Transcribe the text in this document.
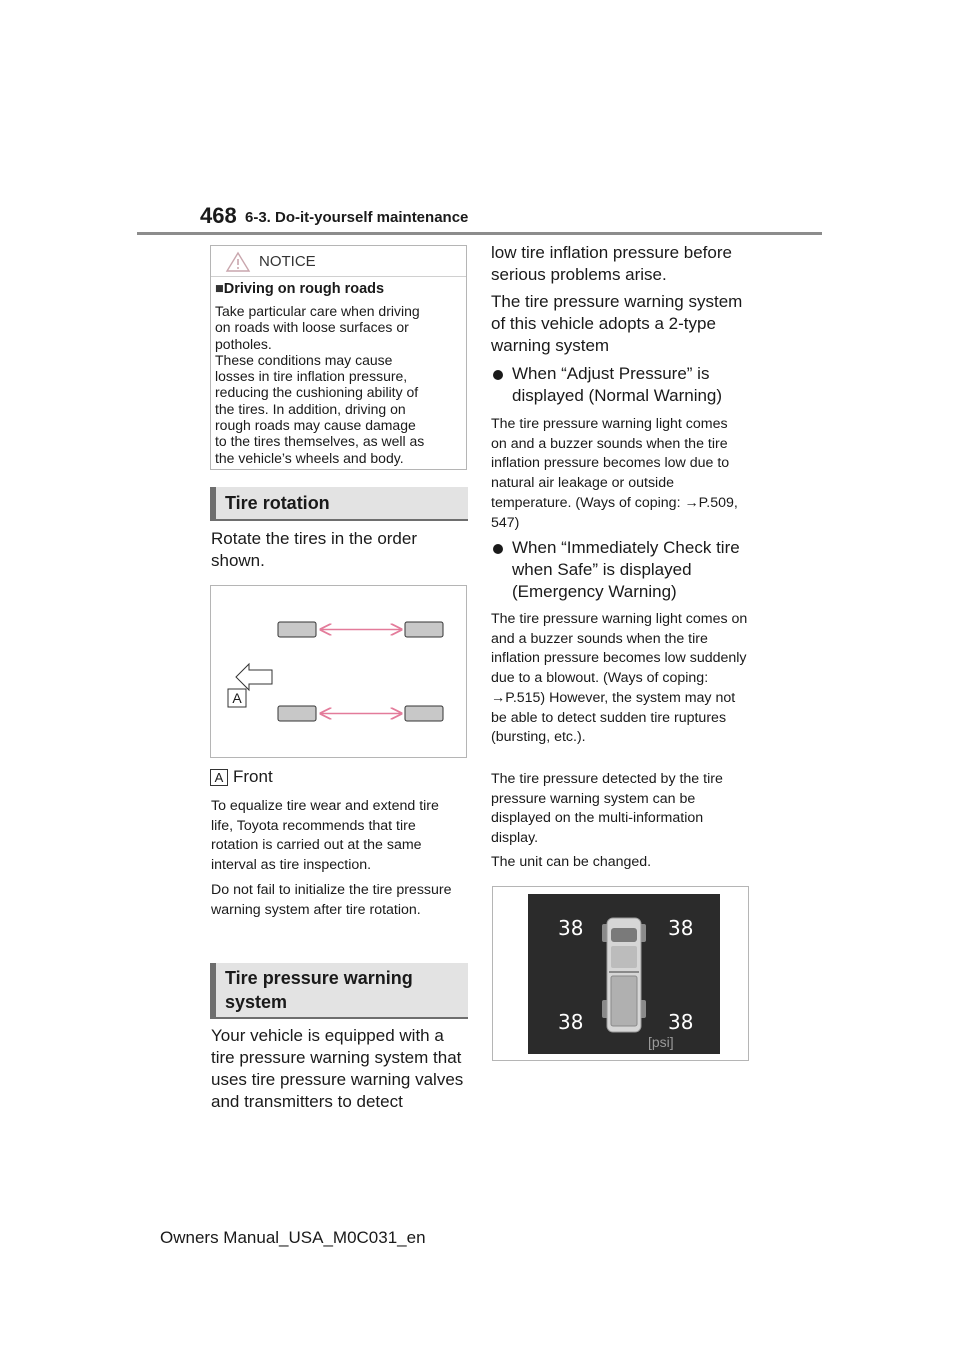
468 6-3. Do-it-yourself maintenance
NOTICE
■Driving on rough roads
Take particular care when driving
on roads with loose surfaces or
potholes.
These conditions may cause
losses in tire inflation pressure,
reducing the cushioning ability of
the tires. In addition, driving on
rough roads may cause damage
to the tires themselves, as well as
the vehicle’s wheels and body.
Tire rotation
Rotate the tires in the order shown.
A
A Front
To equalize tire wear and extend tire life, Toyota recommends that tire rotation is carried out at the same interval as tire inspection.
Do not fail to initialize the tire pressure warning system after tire rotation.
Tire pressure warning
system
Your vehicle is equipped with a tire pressure warning system that uses tire pressure warning valves and transmitters to detect
low tire inflation pressure before serious problems arise.
The tire pressure warning system of this vehicle adopts a 2-type warning system
When “Adjust Pressure” is displayed (Normal Warning)
The tire pressure warning light comes on and a buzzer sounds when the tire inflation pressure becomes low due to natural air leakage or outside temperature. (Ways of coping: →P.509, 547)
When “Immediately Check tire when Safe” is displayed (Emergency Warning)
The tire pressure warning light comes on and a buzzer sounds when the tire inflation pressure becomes low suddenly due to a blowout. (Ways of coping: →P.515) However, the system may not be able to detect sudden tire ruptures (bursting, etc.).
The tire pressure detected by the tire pressure warning system can be displayed on the multi-information display.
The unit can be changed.
38	38
38	38
[psi]
Owners Manual_USA_M0C031_en
